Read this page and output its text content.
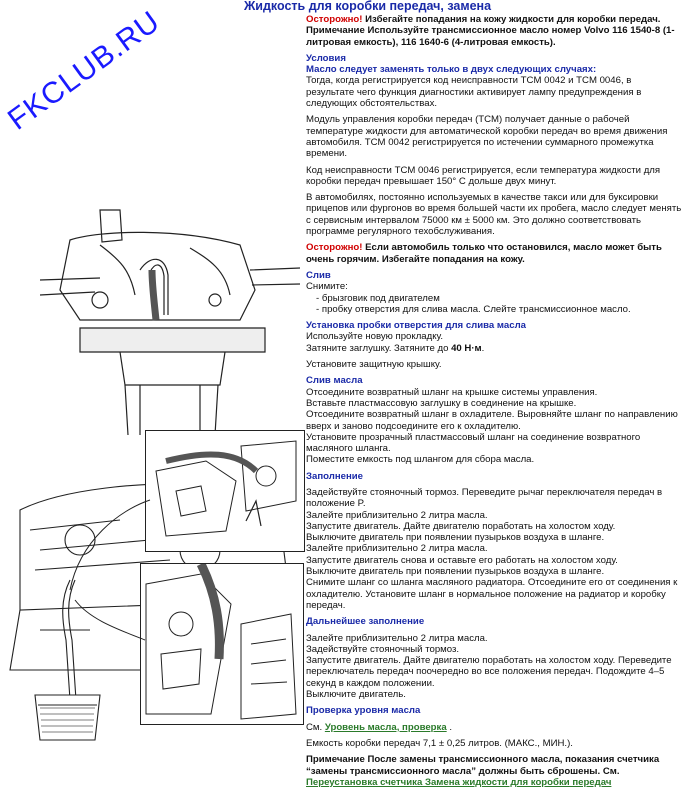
FKCLUB.RU	Жидкость для коробки передач, замена

Осторожно! Избегайте попадания на кожу жидкости для коробки передач.
Примечание Используйте трансмиссионное масло номер Volvo 116 1540-8 (1-литровая емкость), 116 1640-6 (4-литровая емкость).

Условия
Масло следует заменять только в двух следующих случаях:

Тогда, когда регистрируется код неисправности TCM 0042 и TCM 0046, в результате чего функция диагностики активирует лампу предупреждения в следующих обстоятельствах.

Модуль управления коробки передач (TCM) получает данные о рабочей температуре жидкости для автоматической коробки передач во время движения автомобиля. TCM 0042 регистрируется по истечении суммарного промежутка времени.

Код неисправности TCM 0046 регистрируется, если температура жидкости для коробки передач превышает 150° С дольше двух минут.

В автомобилях, постоянно используемых в качестве такси или для буксировки прицепов или фургонов во время большей части их пробега, масло следует менять с сервисным интервалом 75000 км ± 5000 км. Это должно соответствовать программе регулярного техобслуживания.

Осторожно! Если автомобиль только что остановился, масло может быть очень горячим. Избегайте попадания на кожу.

Слив
Снимите:
- брызговик под двигателем
- пробку отверстия для слива масла. Слейте трансмиссионное масло.
Установка пробки отверстия для слива масла
Используйте новую прокладку.

Затяните заглушку. Затяните до 40 Н·м.

Установите защитную крышку.

Слив масла
Отсоедините возвратный шланг на крышке системы управления.
Вставьте пластмассовую заглушку в соединение на крышке.
Отсоедините возвратный шланг в охладителе. Выровняйте шланг по направлению вверх и заново подсоедините его к охладителю.
Установите прозрачный пластмассовый шланг на соединение возвратного масляного шланга.
Поместите емкость под шлангом для сбора масла.
Заполнение
Задействуйте стояночный тормоз. Переведите рычаг переключателя передач в положение P.
Залейте приблизительно 2 литра масла.
Запустите двигатель. Дайте двигателю поработать на холостом ходу.
Выключите двигатель при появлении пузырьков воздуха в шланге.
Залейте приблизительно 2 литра масла.
Запустите двигатель снова и оставьте его работать на холостом ходу.
Выключите двигатель при появлении пузырьков воздуха в шланге.
Снимите шланг со шланга масляного радиатора. Отсоедините его от соединения к охладителю. Установите шланг в нормальное положение на радиатор и коробку передач.
Дальнейшее заполнение
Залейте приблизительно 2 литра масла.
Задействуйте стояночный тормоз.
Запустите двигатель. Дайте двигателю поработать на холостом ходу. Переведите переключатель передач поочередно во все положения передач. Подождите 4–5 секунд в каждом положении.
Выключите двигатель.
Проверка уровня масла

См. Уровень масла, проверка .

Емкость коробки передач 7,1 ± 0,25 литров. (МАКС., МИН.).

Примечание После замены трансмиссионного масла, показания счетчика “замены трансмиссионного масла” должны быть сброшены. См.
Переустановка счетчика Замена жидкости для коробки передач
